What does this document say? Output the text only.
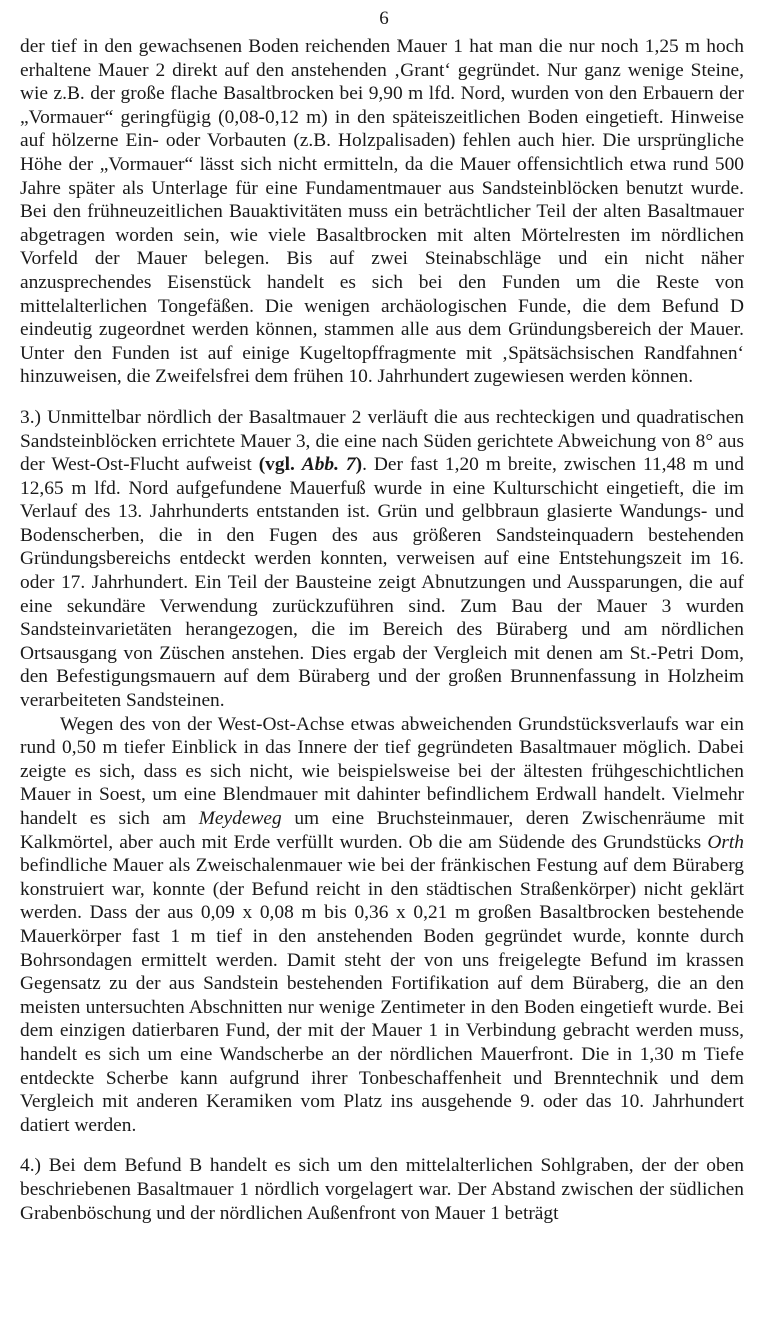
6

der tief in den gewachsenen Boden reichenden Mauer 1 hat man die nur noch 1,25 m hoch erhaltene Mauer 2 direkt auf den anstehenden ‚Grant‘ gegründet. Nur ganz wenige Steine, wie z.B. der große flache Basaltbrocken bei 9,90 m lfd. Nord, wurden von den Erbauern der „Vormauer“ geringfügig (0,08-0,12 m) in den späteiszeitlichen Boden eingetieft. Hinweise auf hölzerne Ein- oder Vorbauten (z.B. Holzpalisaden) fehlen auch hier. Die ursprüngliche Höhe der „Vormauer“ lässt sich nicht ermitteln, da die Mauer offensichtlich etwa rund 500 Jahre später als Unterlage für eine Fundamentmauer aus Sandsteinblöcken benutzt wurde. Bei den frühneuzeitlichen Bauaktivitäten muss ein beträchtlicher Teil der alten Basaltmauer abgetragen worden sein, wie viele Basaltbrocken mit alten Mörtelresten im nördlichen Vorfeld der Mauer belegen. Bis auf zwei Steinabschläge und ein nicht näher anzusprechendes Eisenstück handelt es sich bei den Funden um die Reste von mittelalterlichen Tongefäßen. Die wenigen archäologischen Funde, die dem Befund D eindeutig zugeordnet werden können, stammen alle aus dem Gründungsbereich der Mauer. Unter den Funden ist auf einige Kugeltopffragmente mit ‚Spätsächsischen Randfahnen‘ hinzuweisen, die Zweifelsfrei dem frühen 10. Jahrhundert zugewiesen werden können.

3.) Unmittelbar nördlich der Basaltmauer 2 verläuft die aus rechteckigen und quadratischen Sandsteinblöcken errichtete Mauer 3, die eine nach Süden gerichtete Abweichung von 8° aus der West-Ost-Flucht aufweist (vgl. Abb. 7). Der fast 1,20 m breite, zwischen 11,48 m und 12,65 m lfd. Nord aufgefundene Mauerfuß wurde in eine Kulturschicht eingetieft, die im Verlauf des 13. Jahrhunderts entstanden ist. Grün und gelbbraun glasierte Wandungs- und Bodenscherben, die in den Fugen des aus größeren Sandsteinquadern bestehenden Gründungsbereichs entdeckt werden konnten, verweisen auf eine Entstehungszeit im 16. oder 17. Jahrhundert. Ein Teil der Bausteine zeigt Abnutzungen und Aussparungen, die auf eine sekundäre Verwendung zurückzuführen sind. Zum Bau der Mauer 3 wurden Sandsteinvarietäten herangezogen, die im Bereich des Büraberg und am nördlichen Ortsausgang von Züschen anstehen. Dies ergab der Vergleich mit denen am St.-Petri Dom, den Befestigungsmauern auf dem Büraberg und der großen Brunnenfassung in Holzheim verarbeiteten Sandsteinen.

Wegen des von der West-Ost-Achse etwas abweichenden Grundstücksverlaufs war ein rund 0,50 m tiefer Einblick in das Innere der tief gegründeten Basaltmauer möglich. Dabei zeigte es sich, dass es sich nicht, wie beispielsweise bei der ältesten frühgeschichtlichen Mauer in Soest, um eine Blendmauer mit dahinter befindlichem Erdwall handelt. Vielmehr handelt es sich am Meydeweg um eine Bruchsteinmauer, deren Zwischenräume mit Kalkmörtel, aber auch mit Erde verfüllt wurden. Ob die am Südende des Grundstücks Orth befindliche Mauer als Zweischalenmauer wie bei der fränkischen Festung auf dem Büraberg konstruiert war, konnte (der Befund reicht in den städtischen Straßenkörper) nicht geklärt werden. Dass der aus 0,09 x 0,08 m bis 0,36 x 0,21 m großen Basaltbrocken bestehende Mauerkörper fast 1 m tief in den anstehenden Boden gegründet wurde, konnte durch Bohrsondagen ermittelt werden. Damit steht der von uns freigelegte Befund im krassen Gegensatz zu der aus Sandstein bestehenden Fortifikation auf dem Büraberg, die an den meisten untersuchten Abschnitten nur wenige Zentimeter in den Boden eingetieft wurde. Bei dem einzigen datierbaren Fund, der mit der Mauer 1 in Verbindung gebracht werden muss, handelt es sich um eine Wandscherbe an der nördlichen Mauerfront. Die in 1,30 m Tiefe entdeckte Scherbe kann aufgrund ihrer Tonbeschaffenheit und Brenntechnik und dem Vergleich mit anderen Keramiken vom Platz ins ausgehende 9. oder das 10. Jahrhundert datiert werden.

4.) Bei dem Befund B handelt es sich um den mittelalterlichen Sohlgraben, der der oben beschriebenen Basaltmauer 1 nördlich vorgelagert war. Der Abstand zwischen der südlichen Grabenböschung und der nördlichen Außenfront von Mauer 1 beträgt
